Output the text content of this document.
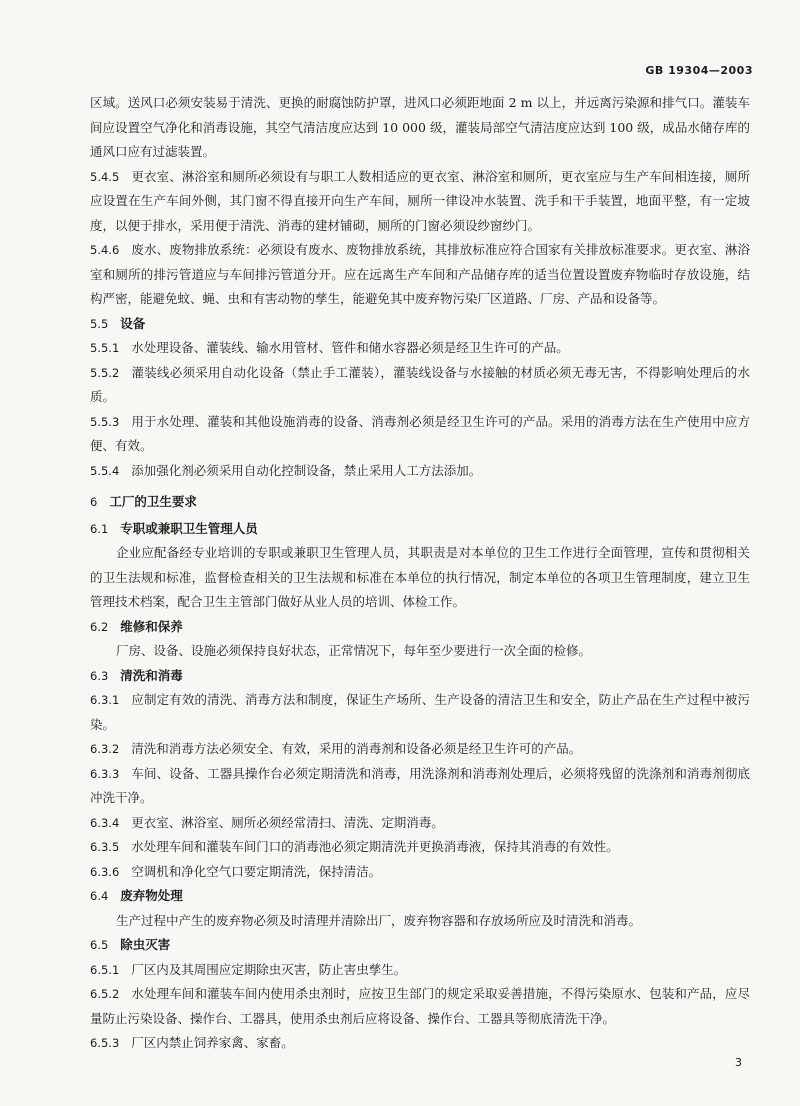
GB 19304—2003
区域。送风口必须安装易于清洗、更换的耐腐蚀防护罩，进风口必须距地面 2 m 以上，并远离污染源和排气口。灌装车间应设置空气净化和消毒设施，其空气清洁度应达到 10 000 级，灌装局部空气清洁度应达到 100 级，成品水储存库的通风口应有过滤装置。
5.4.5 更衣室、淋浴室和厕所必须设有与职工人数相适应的更衣室、淋浴室和厕所，更衣室应与生产车间相连接，厕所应设置在生产车间外侧，其门窗不得直接开向生产车间，厕所一律设冲水装置、洗手和干手装置，地面平整，有一定坡度，以便于排水，采用便于清洗、消毒的建材铺砌，厕所的门窗必须设纱窗纱门。
5.4.6 废水、废物排放系统：必须设有废水、废物排放系统，其排放标准应符合国家有关排放标准要求。更衣室、淋浴室和厕所的排污管道应与车间排污管道分开。应在远离生产车间和产品储存库的适当位置设置废弃物临时存放设施，结构严密，能避免蚊、蝇、虫和有害动物的孳生，能避免其中废弃物污染厂区道路、厂房、产品和设备等。
5.5 设备
5.5.1 水处理设备、灌装线、输水用管材、管件和储水容器必须是经卫生许可的产品。
5.5.2 灌装线必须采用自动化设备（禁止手工灌装），灌装线设备与水接触的材质必须无毒无害，不得影响处理后的水质。
5.5.3 用于水处理、灌装和其他设施消毒的设备、消毒剂必须是经卫生许可的产品。采用的消毒方法在生产使用中应方便、有效。
5.5.4 添加强化剂必须采用自动化控制设备，禁止采用人工方法添加。
6 工厂的卫生要求
6.1 专职或兼职卫生管理人员
企业应配备经专业培训的专职或兼职卫生管理人员，其职责是对本单位的卫生工作进行全面管理，宣传和贯彻相关的卫生法规和标准，监督检查相关的卫生法规和标准在本单位的执行情况，制定本单位的各项卫生管理制度，建立卫生管理技术档案，配合卫生主管部门做好从业人员的培训、体检工作。
6.2 维修和保养
厂房、设备、设施必须保持良好状态，正常情况下，每年至少要进行一次全面的检修。
6.3 清洗和消毒
6.3.1 应制定有效的清洗、消毒方法和制度，保证生产场所、生产设备的清洁卫生和安全，防止产品在生产过程中被污染。
6.3.2 清洗和消毒方法必须安全、有效，采用的消毒剂和设备必须是经卫生许可的产品。
6.3.3 车间、设备、工器具操作台必须定期清洗和消毒，用洗涤剂和消毒剂处理后，必须将残留的洗涤剂和消毒剂彻底冲洗干净。
6.3.4 更衣室、淋浴室、厕所必须经常清扫、清洗、定期消毒。
6.3.5 水处理车间和灌装车间门口的消毒池必须定期清洗并更换消毒液，保持其消毒的有效性。
6.3.6 空调机和净化空气口要定期清洗，保持清洁。
6.4 废弃物处理
生产过程中产生的废弃物必须及时清理并清除出厂，废弃物容器和存放场所应及时清洗和消毒。
6.5 除虫灭害
6.5.1 厂区内及其周围应定期除虫灭害，防止害虫孳生。
6.5.2 水处理车间和灌装车间内使用杀虫剂时，应按卫生部门的规定采取妥善措施，不得污染原水、包装和产品，应尽量防止污染设备、操作台、工器具，使用杀虫剂后应将设备、操作台、工器具等彻底清洗干净。
6.5.3 厂区内禁止饲养家禽、家畜。
3
